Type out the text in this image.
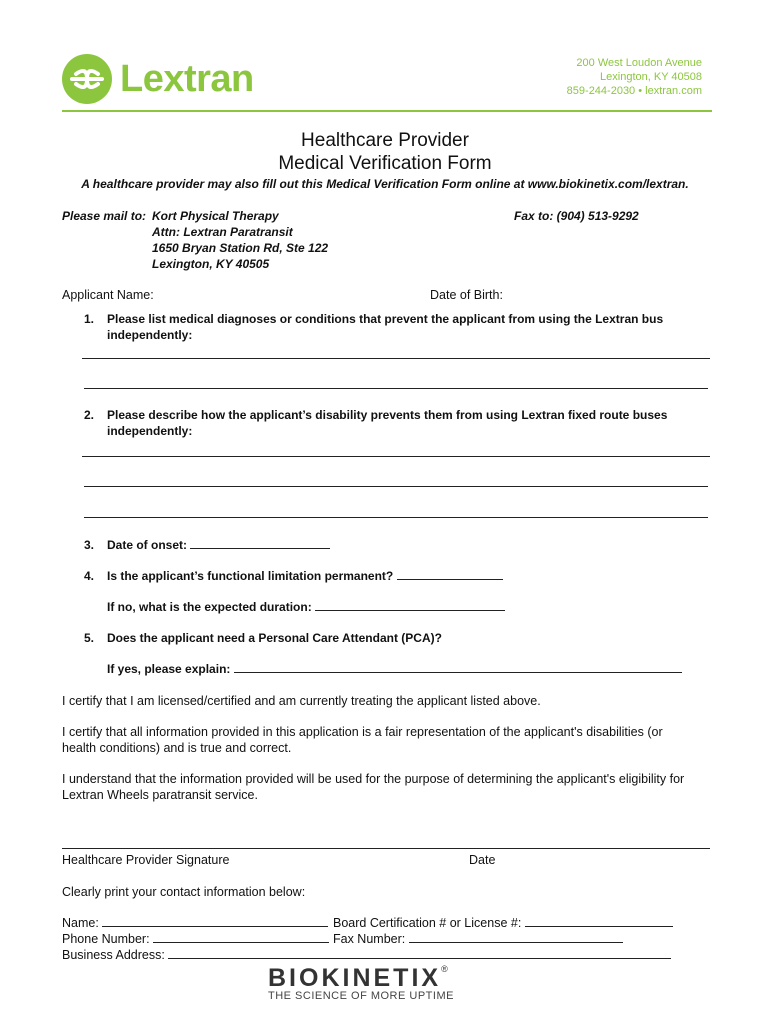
Lextran	200 West Loudon Avenue
Lexington, KY 40508
859-244-2030 • lextran.com
Healthcare Provider
Medical Verification Form
A healthcare provider may also fill out this Medical Verification Form online at www.biokinetix.com/lextran.
Please mail to: Kort Physical Therapy
Attn: Lextran Paratransit
1650 Bryan Station Rd, Ste 122
Lexington, KY 40505
Fax to: (904) 513-9292
Applicant Name:	Date of Birth:
1. Please list medical diagnoses or conditions that prevent the applicant from using the Lextran bus
independently:
2. Please describe how the applicant’s disability prevents them from using Lextran fixed route buses
independently:
3. Date of onset:
4. Is the applicant’s functional limitation permanent?
If no, what is the expected duration:
5. Does the applicant need a Personal Care Attendant (PCA)?
If yes, please explain:
I certify that I am licensed/certified and am currently treating the applicant listed above.
I certify that all information provided in this application is a fair representation of the applicant's disabilities (or
health conditions) and is true and correct.
I understand that the information provided will be used for the purpose of determining the applicant's eligibility for
Lextran Wheels paratransit service.
Healthcare Provider Signature	Date
Clearly print your contact information below:
Name:	Board Certification # or License #:
Phone Number:	Fax Number:
Business Address:
BIOKINETIX®
THE SCIENCE OF MORE UPTIME
